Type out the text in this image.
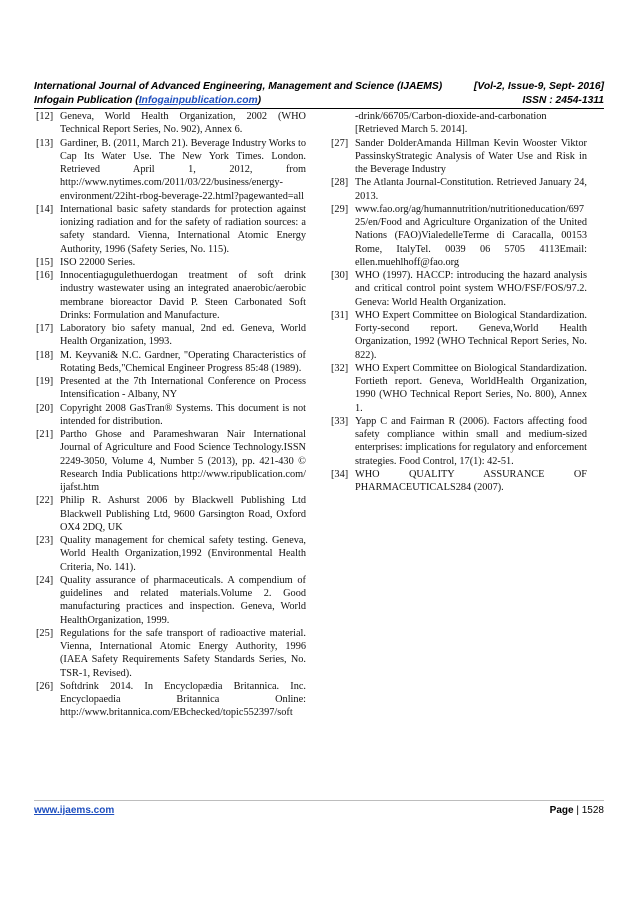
International Journal of Advanced Engineering, Management and Science (IJAEMS)	[Vol-2, Issue-9, Sept- 2016]
Infogain Publication (Infogainpublication.com)	ISSN : 2454-1311
[12] Geneva, World Health Organization, 2002 (WHO Technical Report Series, No. 902), Annex 6.
[13] Gardiner, B. (2011, March 21). Beverage Industry Works to Cap Its Water Use. The New York Times. London. Retrieved April 1, 2012, from http://www.nytimes.com/2011/03/22/business/energy-environment/22iht-rbog-beverage-22.html?pagewanted=all
[14] International basic safety standards for protection against ionizing radiation and for the safety of radiation sources: a safety standard. Vienna, International Atomic Energy Authority, 1996 (Safety Series, No. 115).
[15] ISO 22000 Series.
[16] Innocentiagugulethuerdogan treatment of soft drink industry wastewater using an integrated anaerobic/aerobic membrane bioreactor David P. Steen Carbonated Soft Drinks: Formulation and Manufacture.
[17] Laboratory bio safety manual, 2nd ed. Geneva, World Health Organization, 1993.
[18] M. Keyvani& N.C. Gardner, "Operating Characteristics of Rotating Beds,"Chemical Engineer Progress 85:48 (1989).
[19] Presented at the 7th International Conference on Process Intensification - Albany, NY
[20] Copyright 2008 GasTran® Systems. This document is not intended for distribution.
[21] Partho Ghose and Parameshwaran Nair International Journal of Agriculture and Food Science Technology.ISSN 2249-3050, Volume 4, Number 5 (2013), pp. 421-430 © Research India Publications http://www.ripublication.com/ ijafst.htm
[22] Philip R. Ashurst 2006 by Blackwell Publishing Ltd Blackwell Publishing Ltd, 9600 Garsington Road, Oxford OX4 2DQ, UK
[23] Quality management for chemical safety testing. Geneva, World Health Organization,1992 (Environmental Health Criteria, No. 141).
[24] Quality assurance of pharmaceuticals. A compendium of guidelines and related materials.Volume 2. Good manufacturing practices and inspection. Geneva, World HealthOrganization, 1999.
[25] Regulations for the safe transport of radioactive material. Vienna, International Atomic Energy Authority, 1996 (IAEA Safety Requirements Safety Standards Series, No. TSR-1, Revised).
[26] Softdrink 2014. In Encyclopædia Britannica. Inc. Encyclopaedia Britannica Online: http://www.britannica.com/EBchecked/topic552397/soft
-drink/66705/Carbon-dioxide-and-carbonation [Retrieved March 5. 2014].
[27] Sander DolderAmanda Hillman Kevin Wooster Viktor PassinskyStrategic Analysis of Water Use and Risk in the Beverage Industry
[28] The Atlanta Journal-Constitution. Retrieved January 24, 2013.
[29] www.fao.org/ag/humannutrition/nutritioneducation/697 25/en/Food and Agriculture Organization of the United Nations (FAO)VialedelleTerme di Caracalla, 00153 Rome, ItalyTel. 0039 06 5705 4113Email: ellen.muehlhoff@fao.org
[30] WHO (1997). HACCP: introducing the hazard analysis and critical control point system WHO/FSF/FOS/97.2. Geneva: World Health Organization.
[31] WHO Expert Committee on Biological Standardization. Forty-second report. Geneva,World Health Organization, 1992 (WHO Technical Report Series, No. 822).
[32] WHO Expert Committee on Biological Standardization. Fortieth report. Geneva, WorldHealth Organization, 1990 (WHO Technical Report Series, No. 800), Annex 1.
[33] Yapp C and Fairman R (2006). Factors affecting food safety compliance within small and medium-sized enterprises: implications for regulatory and enforcement strategies. Food Control, 17(1): 42-51.
[34] WHO QUALITY ASSURANCE OF PHARMACEUTICALS284 (2007).
www.ijaems.com	Page | 1528
